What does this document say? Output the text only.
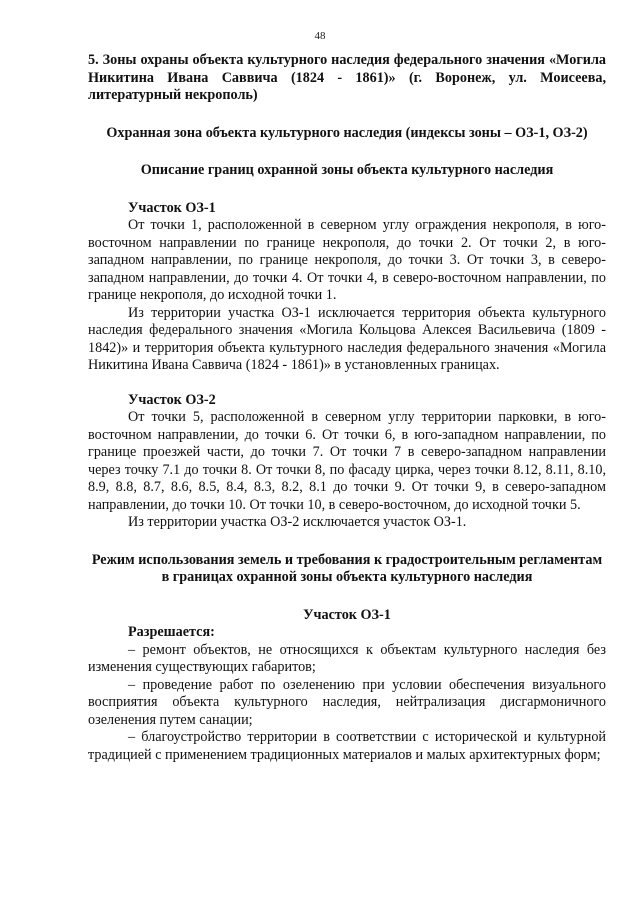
48

5. Зоны охраны объекта культурного наследия федерального значения «Могила Никитина Ивана Саввича (1824 - 1861)» (г. Воронеж, ул. Моисеева, литературный некрополь)

Охранная зона объекта культурного наследия (индексы зоны – ОЗ-1, ОЗ-2)

Описание границ охранной зоны объекта культурного наследия

Участок ОЗ-1

От точки 1, расположенной в северном углу ограждения некрополя, в юго-восточном направлении по границе некрополя, до точки 2. От точки 2, в юго-западном направлении, по границе некрополя, до точки 3. От точки 3, в северо-западном направлении, до точки 4. От точки 4, в северо-восточном направлении, по границе некрополя, до исходной точки 1.

Из территории участка ОЗ-1 исключается территория объекта культурного наследия федерального значения «Могила Кольцова Алексея Васильевича (1809 - 1842)» и территория объекта культурного наследия федерального значения «Могила Никитина Ивана Саввича (1824 - 1861)» в установленных границах.

Участок ОЗ-2

От точки 5, расположенной в северном углу территории парковки, в юго-восточном направлении, до точки 6. От точки 6, в юго-западном направлении, по границе проезжей части, до точки 7. От точки 7 в северо-западном направлении через точку 7.1 до точки 8. От точки 8, по фасаду цирка, через точки 8.12, 8.11, 8.10, 8.9, 8.8, 8.7, 8.6, 8.5, 8.4, 8.3, 8.2, 8.1 до точки 9. От точки 9, в северо-западном направлении, до точки 10. От точки 10, в северо-восточном, до исходной точки 5.

Из территории участка ОЗ-2 исключается участок ОЗ-1.

Режим использования земель и требования к градостроительным регламентам в границах охранной зоны объекта культурного наследия

Участок ОЗ-1

Разрешается:

– ремонт объектов, не относящихся к объектам культурного наследия без изменения существующих габаритов;

– проведение работ по озеленению при условии обеспечения визуального восприятия объекта культурного наследия, нейтрализация дисгармоничного озеленения путем санации;

– благоустройство территории в соответствии с исторической и культурной традицией с применением традиционных материалов и малых архитектурных форм;
